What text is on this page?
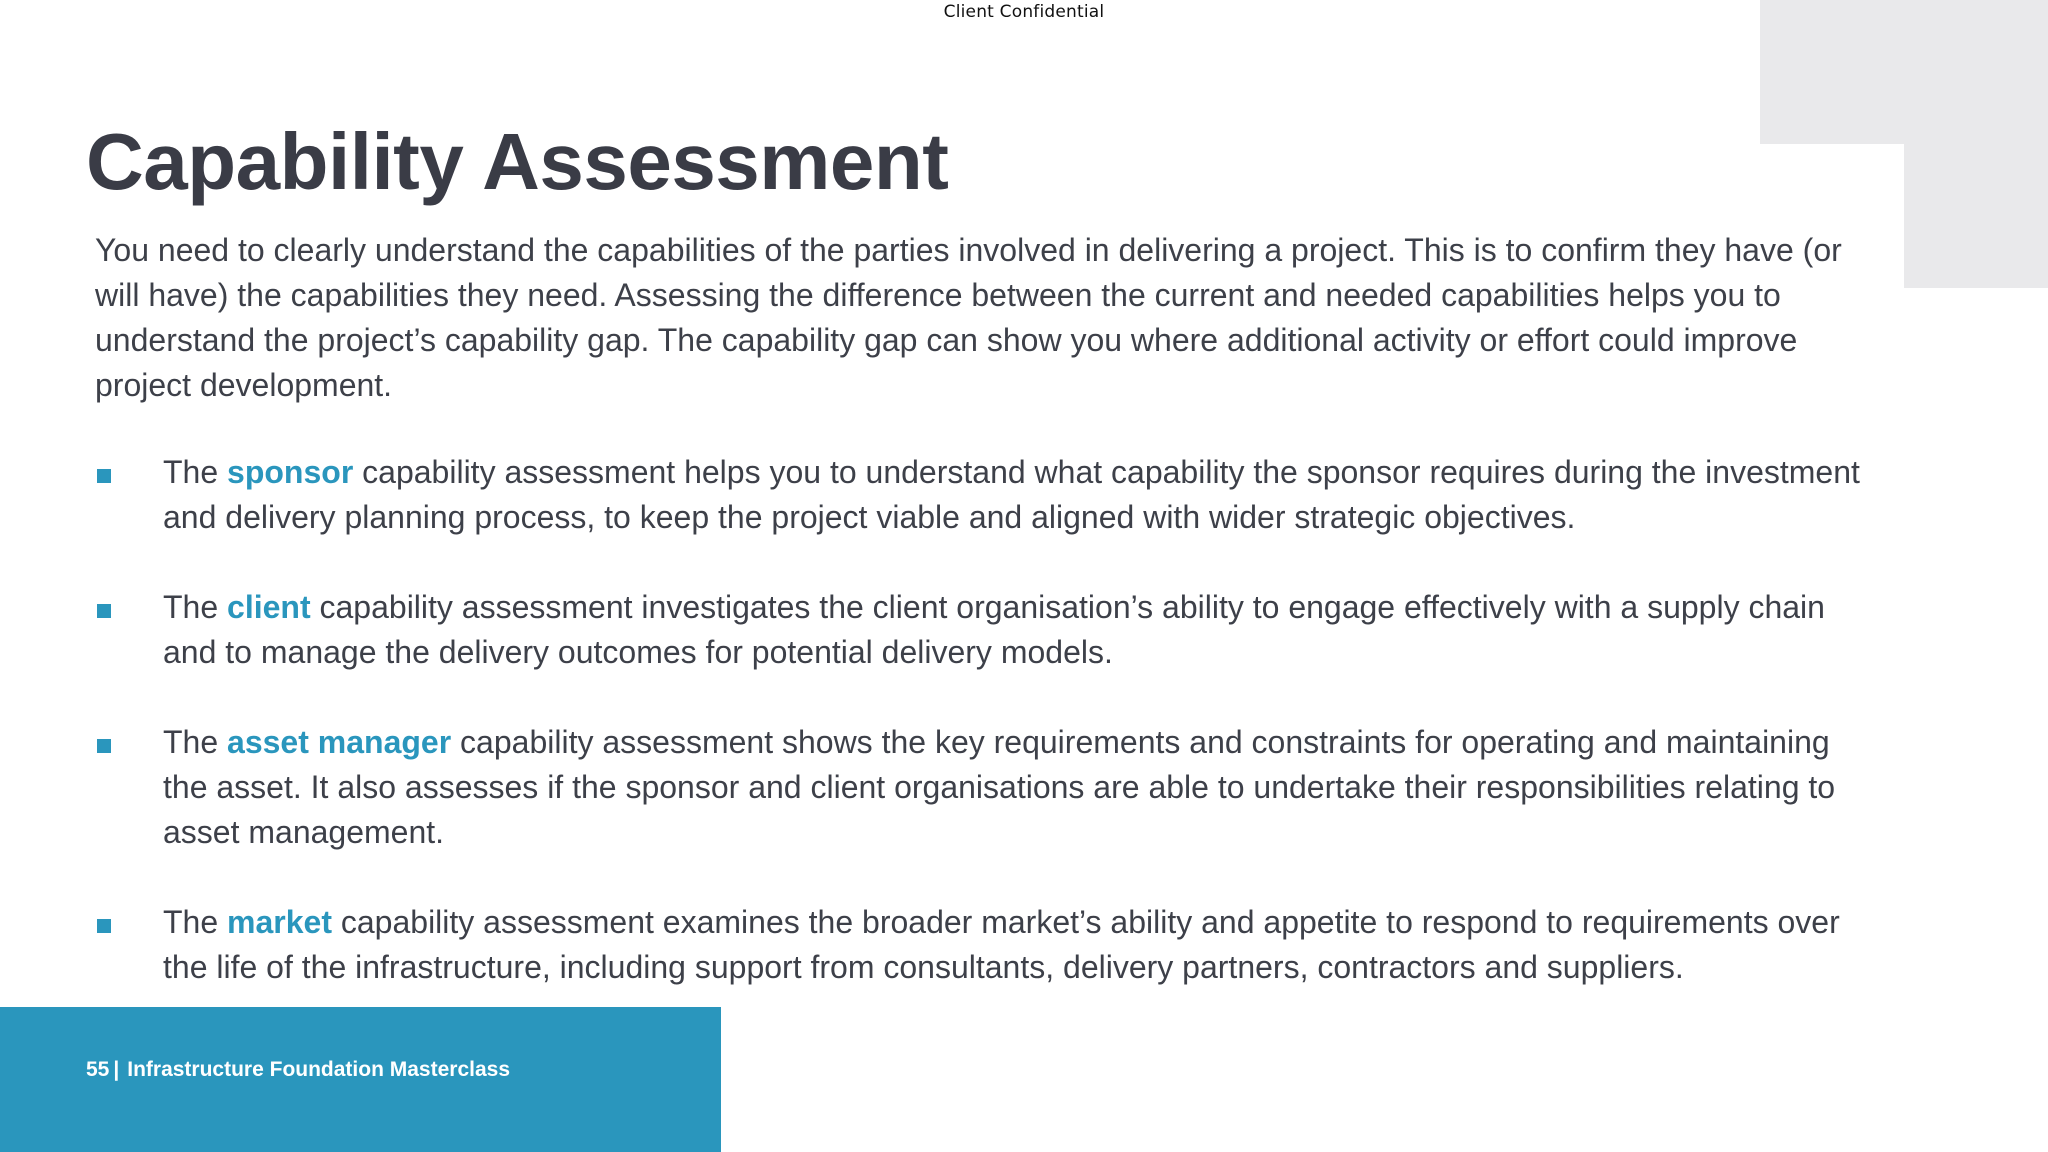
Client Confidential
Capability Assessment

You need to clearly understand the capabilities of the parties involved in delivering a project. This is to confirm they have (or will have) the capabilities they need. Assessing the difference between the current and needed capabilities helps you to understand the project’s capability gap. The capability gap can show you where additional activity or effort could improve project development.

The sponsor capability assessment helps you to understand what capability the sponsor requires during the investment and delivery planning process, to keep the project viable and aligned with wider strategic objectives.
The client capability assessment investigates the client organisation’s ability to engage effectively with a supply chain and to manage the delivery outcomes for potential delivery models.
The asset manager capability assessment shows the key requirements and constraints for operating and maintaining the asset. It also assesses if the sponsor and client organisations are able to undertake their responsibilities relating to asset management.
The market capability assessment examines the broader market’s ability and appetite to respond to requirements over the life of the infrastructure, including support from consultants, delivery partners, contractors and suppliers.
55 | Infrastructure Foundation Masterclass
